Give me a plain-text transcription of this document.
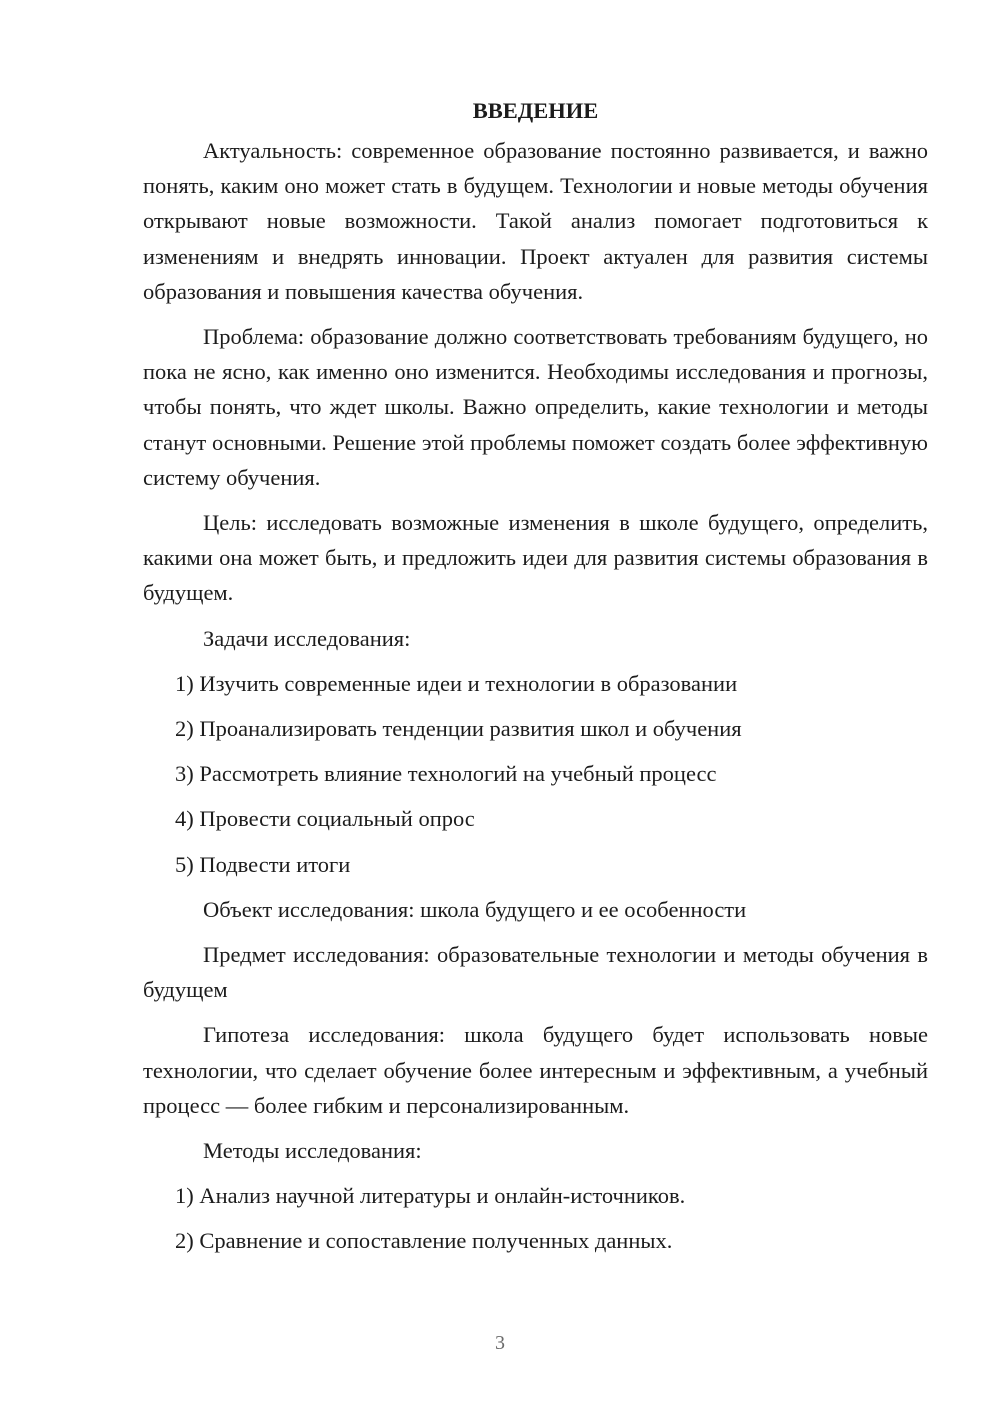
ВВЕДЕНИЕ

Актуальность: современное образование постоянно развивается, и важно понять, каким оно может стать в будущем. Технологии и новые методы обучения открывают новые возможности. Такой анализ помогает подготовиться к изменениям и внедрять инновации. Проект актуален для развития системы образования и повышения качества обучения.

Проблема: образование должно соответствовать требованиям будущего, но пока не ясно, как именно оно изменится. Необходимы исследования и прогнозы, чтобы понять, что ждет школы. Важно определить, какие технологии и методы станут основными. Решение этой проблемы поможет создать более эффективную систему обучения.

Цель: исследовать возможные изменения в школе будущего, определить, какими она может быть, и предложить идеи для развития системы образования в будущем.

Задачи исследования:

1) Изучить современные идеи и технологии в образовании

2) Проанализировать тенденции развития школ и обучения

3) Рассмотреть влияние технологий на учебный процесс

4) Провести социальный опрос

5) Подвести итоги

Объект исследования: школа будущего и ее особенности

Предмет исследования: образовательные технологии и методы обучения в будущем

Гипотеза исследования: школа будущего будет использовать новые технологии, что сделает обучение более интересным и эффективным, а учебный процесс — более гибким и персонализированным.

Методы исследования:

1) Анализ научной литературы и онлайн-источников.

2) Сравнение и сопоставление полученных данных.

3
